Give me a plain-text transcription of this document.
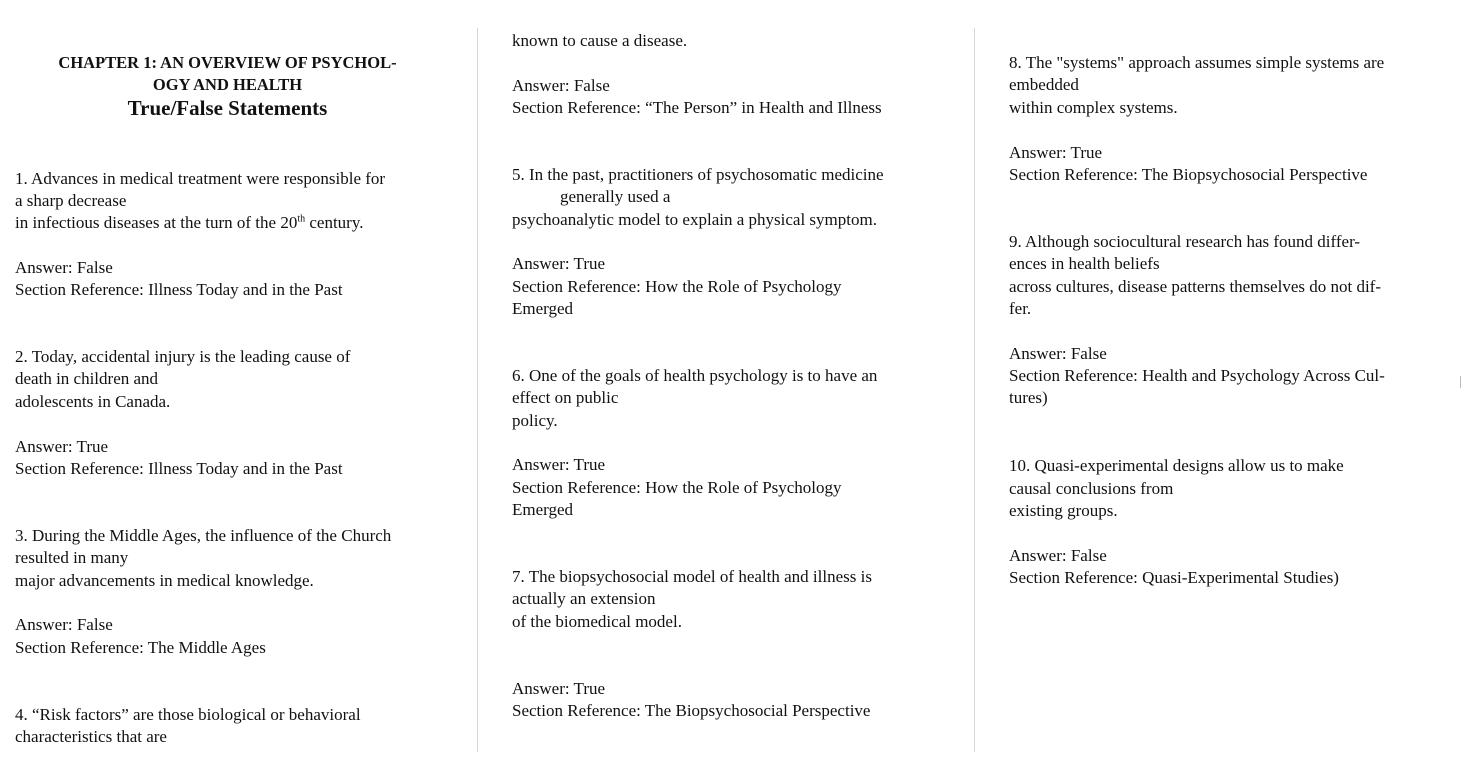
CHAPTER 1: AN OVERVIEW OF PSYCHOL-
OGY AND HEALTH
True/False Statements
1. Advances in medical treatment were responsible for
a sharp decrease
in infectious diseases at the turn of the 20th century.
Answer: False
Section Reference: Illness Today and in the Past
2. Today, accidental injury is the leading cause of
death in children and
adolescents in Canada.
Answer: True
Section Reference: Illness Today and in the Past
3. During the Middle Ages, the influence of the Church
resulted in many
major advancements in medical knowledge.
Answer: False
Section Reference: The Middle Ages
4. “Risk factors” are those biological or behavioral
characteristics that are
known to cause a disease.
Answer: False
Section Reference: “The Person” in Health and Illness
5. In the past, practitioners of psychosomatic medicine
generally used a
psychoanalytic model to explain a physical symptom.
Answer: True
Section Reference: How the Role of Psychology
Emerged
6. One of the goals of health psychology is to have an
effect on public
policy.
Answer: True
Section Reference: How the Role of Psychology
Emerged
7. The biopsychosocial model of health and illness is
actually an extension
of the biomedical model.
Answer: True
Section Reference: The Biopsychosocial Perspective
8. The "systems" approach assumes simple systems are
embedded
within complex systems.
Answer: True
Section Reference: The Biopsychosocial Perspective
9. Although sociocultural research has found differ-
ences in health beliefs
across cultures, disease patterns themselves do not dif-
fer.
Answer: False
Section Reference: Health and Psychology Across Cul-
tures)
10. Quasi-experimental designs allow us to make
causal conclusions from
existing groups.
Answer: False
Section Reference: Quasi-Experimental Studies)
